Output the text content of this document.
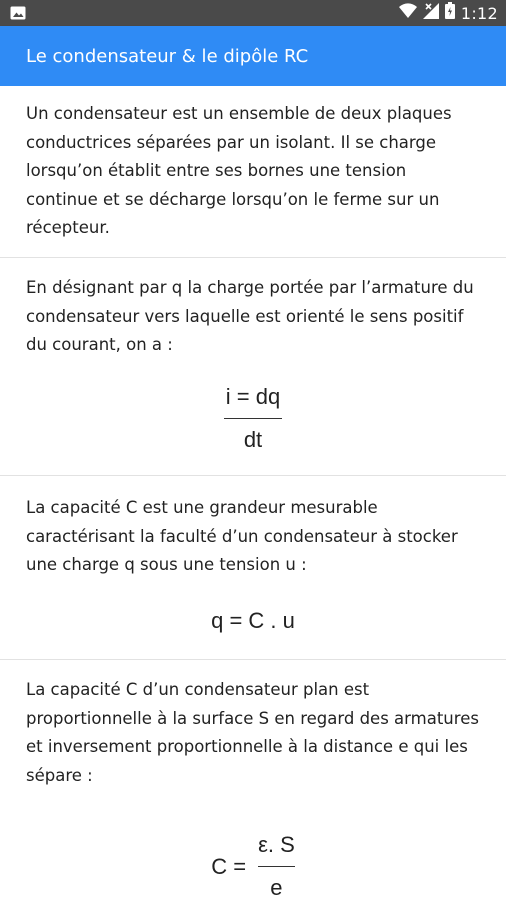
1:12
Le condensateur & le dipôle RC

Un condensateur est un ensemble de deux plaques conductrices séparées par un isolant. Il se charge lorsqu’on établit entre ses bornes une tension continue et se décharge lorsqu’on le ferme sur un récepteur.

En désignant par q la charge portée par l’armature du condensateur vers laquelle est orienté le sens positif du courant, on a :

$\frac{i = dq}{dt}$

La capacité C est une grandeur mesurable caractérisant la faculté d’un condensateur à stocker une charge q sous une tension u :

q = C . u

La capacité C d’un condensateur plan est proportionnelle à la surface S en regard des armatures et inversement proportionnelle à la distance e qui les sépare :

$C = \frac{\varepsilon. S}{e}$
